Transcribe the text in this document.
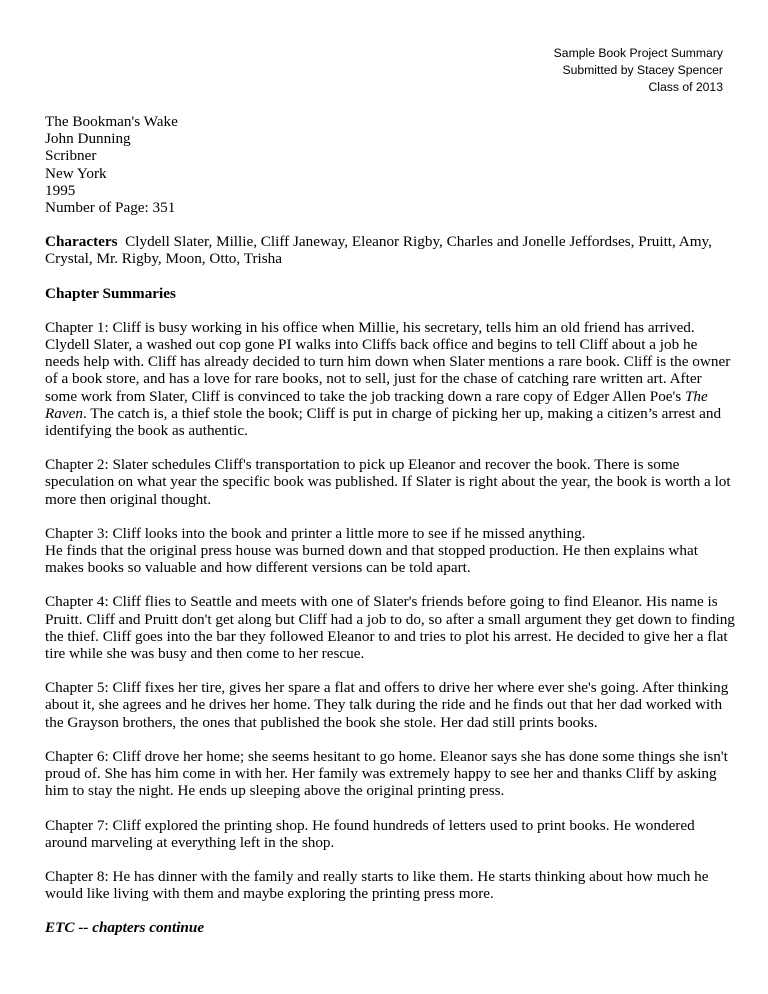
Sample Book Project Summary
Submitted by Stacey Spencer
Class of 2013
The Bookman's Wake
John Dunning
Scribner
New York
1995
Number of Page: 351
Characters Clydell Slater, Millie, Cliff Janeway, Eleanor Rigby, Charles and Jonelle Jeffordses, Pruitt, Amy, Crystal, Mr. Rigby, Moon, Otto, Trisha
Chapter Summaries
Chapter 1: Cliff is busy working in his office when Millie, his secretary, tells him an old friend has arrived. Clydell Slater, a washed out cop gone PI walks into Cliffs back office and begins to tell Cliff about a job he needs help with. Cliff has already decided to turn him down when Slater mentions a rare book. Cliff is the owner of a book store, and has a love for rare books, not to sell, just for the chase of catching rare written art. After some work from Slater, Cliff is convinced to take the job tracking down a rare copy of Edger Allen Poe's The Raven. The catch is, a thief stole the book; Cliff is put in charge of picking her up, making a citizen’s arrest and identifying the book as authentic.
Chapter 2: Slater schedules Cliff's transportation to pick up Eleanor and recover the book. There is some speculation on what year the specific book was published. If Slater is right about the year, the book is worth a lot more then original thought.
Chapter 3: Cliff looks into the book and printer a little more to see if he missed anything.
He finds that the original press house was burned down and that stopped production. He then explains what makes books so valuable and how different versions can be told apart.
Chapter 4: Cliff flies to Seattle and meets with one of Slater's friends before going to find Eleanor. His name is Pruitt. Cliff and Pruitt don't get along but Cliff had a job to do, so after a small argument they get down to finding the thief. Cliff goes into the bar they followed Eleanor to and tries to plot his arrest. He decided to give her a flat tire while she was busy and then come to her rescue.
Chapter 5: Cliff fixes her tire, gives her spare a flat and offers to drive her where ever she's going. After thinking about it, she agrees and he drives her home. They talk during the ride and he finds out that her dad worked with the Grayson brothers, the ones that published the book she stole. Her dad still prints books.
Chapter 6: Cliff drove her home; she seems hesitant to go home. Eleanor says she has done some things she isn't proud of. She has him come in with her. Her family was extremely happy to see her and thanks Cliff by asking him to stay the night. He ends up sleeping above the original printing press.
Chapter 7: Cliff explored the printing shop. He found hundreds of letters used to print books. He wondered around marveling at everything left in the shop.
Chapter 8: He has dinner with the family and really starts to like them. He starts thinking about how much he would like living with them and maybe exploring the printing press more.
ETC -- chapters continue
